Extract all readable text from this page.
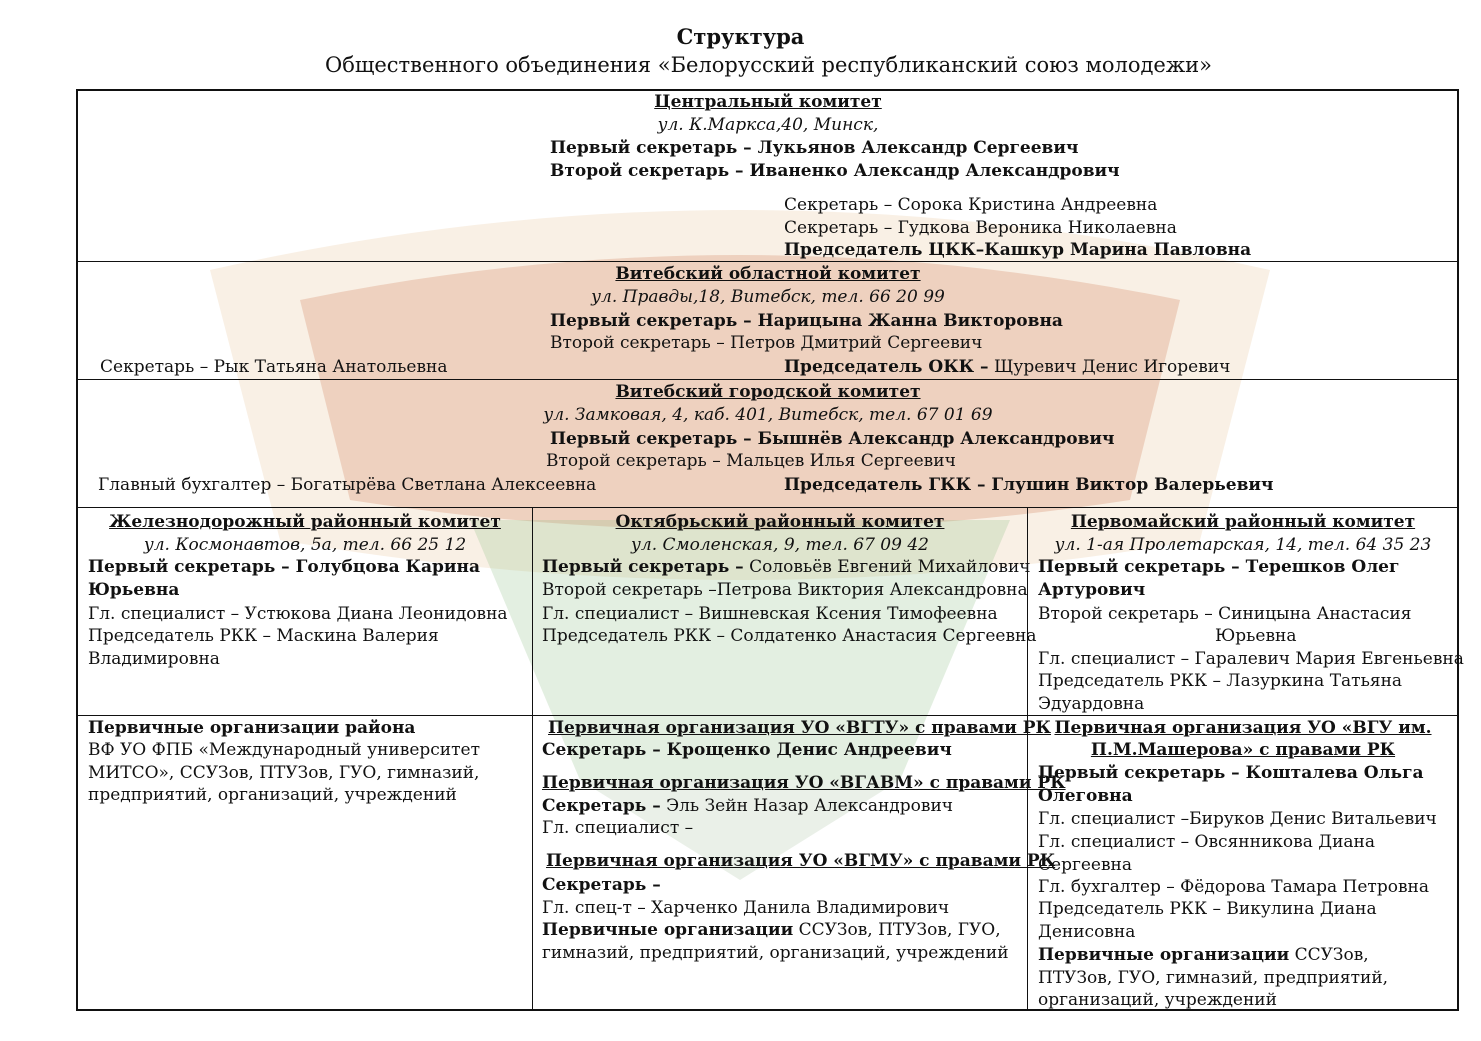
Структура
Общественного объединения «Белорусский республиканский союз молодежи»
Центральный комитет
ул. К.Маркса,40, Минск,
Первый секретарь – Лукьянов Александр Сергеевич
Второй секретарь – Иваненко Александр Александрович
Секретарь – Сорока Кристина Андреевна
Секретарь – Гудкова Вероника Николаевна
Председатель ЦКК–Кашкур Марина Павловна
Витебский областной комитет
ул. Правды,18, Витебск, тел. 66 20 99
Первый секретарь – Нарицына Жанна Викторовна
Второй секретарь – Петров Дмитрий Сергеевич
Секретарь – Рык Татьяна Анатольевна	Председатель ОКК – Щуревич Денис Игоревич
Витебский городской комитет
ул. Замковая, 4, каб. 401, Витебск, тел. 67 01 69
Первый секретарь – Бышнёв Александр Александрович
Второй секретарь – Мальцев Илья Сергеевич
Главный бухгалтер – Богатырёва Светлана Алексеевна	Председатель ГКК – Глушин Виктор Валерьевич
Железнодорожный районный комитет
ул. Космонавтов, 5а, тел. 66 25 12
Первый секретарь – Голубцова Карина Юрьевна
Гл. специалист – Устюкова Диана Леонидовна
Председатель РКК – Маскина Валерия Владимировна
Первичные организации района
ВФ УО ФПБ «Международный университет МИТСО», ССУЗов, ПТУЗов, ГУО, гимназий, предприятий, организаций, учреждений
Октябрьский районный комитет
ул. Смоленская, 9, тел. 67 09 42
Первый секретарь – Соловьёв Евгений Михайлович
Второй секретарь –Петрова Виктория Александровна
Гл. специалист – Вишневская Ксения Тимофеевна
Председатель РКК – Солдатенко Анастасия Сергеевна
Первичная организация УО «ВГТУ» с правами РК
Секретарь – Крощенко Денис Андреевич
Первичная организация УО «ВГАВМ» с правами РК
Секретарь – Эль Зейн Назар Александрович
Гл. специалист –
Первичная организация УО «ВГМУ» с правами РК
Секретарь –
Гл. спец-т – Харченко Данила Владимирович
Первичные организации ССУЗов, ПТУЗов, ГУО,
гимназий, предприятий, организаций, учреждений
Первомайский районный комитет
ул. 1-ая Пролетарская, 14, тел. 64 35 23
Первый секретарь – Терешков Олег Артурович
Второй секретарь – Синицына Анастасия
Юрьевна
Гл. специалист – Гаралевич Мария Евгеньевна
Председатель РКК – Лазуркина Татьяна Эдуардовна
Первичная организация УО «ВГУ им.
П.М.Машерова» с правами РК
Первый секретарь – Кошталева Ольга Олеговна
Гл. специалист –Бируков Денис Витальевич
Гл. специалист – Овсянникова Диана Сергеевна
Гл. бухгалтер – Фёдорова Тамара Петровна
Председатель РКК – Викулина Диана Денисовна
Первичные организации ССУЗов, ПТУЗов, ГУО, гимназий, предприятий, организаций, учреждений
